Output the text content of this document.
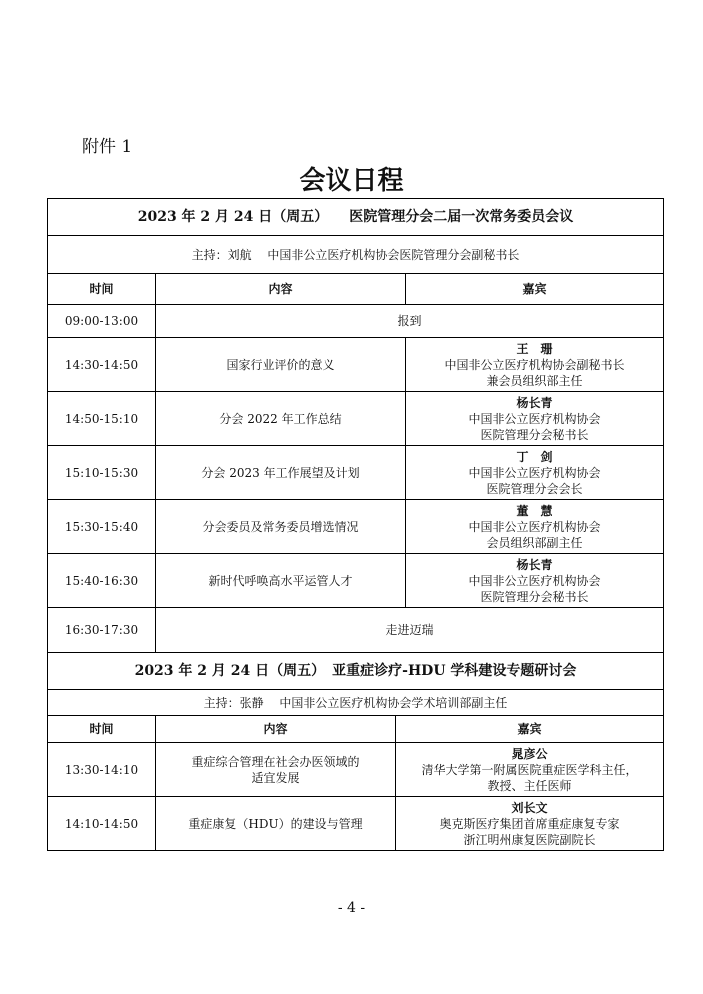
附件 1
会议日程
2023 年 2 月 24 日（周五）　　医院管理分会二届一次常务委员会议		
主持：刘航　 中国非公立医疗机构协会医院管理分会副秘书长		
时间	内容	嘉宾
09:00-13:00	报到	
14:30-14:50	国家行业评价的意义	王　珊
中国非公立医疗机构协会副秘书长
兼会员组织部主任

14:50-15:10	分会 2022 年工作总结	杨长青
中国非公立医疗机构协会
医院管理分会秘书长

15:10-15:30	分会 2023 年工作展望及计划	丁　剑
中国非公立医疗机构协会
医院管理分会会长

15:30-15:40	分会委员及常务委员增选情况	董　慧
中国非公立医疗机构协会
会员组织部副主任

15:40-16:30	新时代呼唤高水平运管人才	杨长青
中国非公立医疗机构协会
医院管理分会秘书长

16:30-17:30	走进迈瑞	
2023 年 2 月 24 日（周五）　亚重症诊疗-HDU 学科建设专题研讨会		
主持：张静　 中国非公立医疗机构协会学术培训部副主任		
时间	内容	嘉宾
13:30-14:10	重症综合管理在社会办医领域的
适宜发展	晁彦公
清华大学第一附属医院重症医学科主任，
教授、主任医师

14:10-14:50	重症康复（HDU）的建设与管理	刘长文
奥克斯医疗集团首席重症康复专家
浙江明州康复医院副院长
- 4 -
